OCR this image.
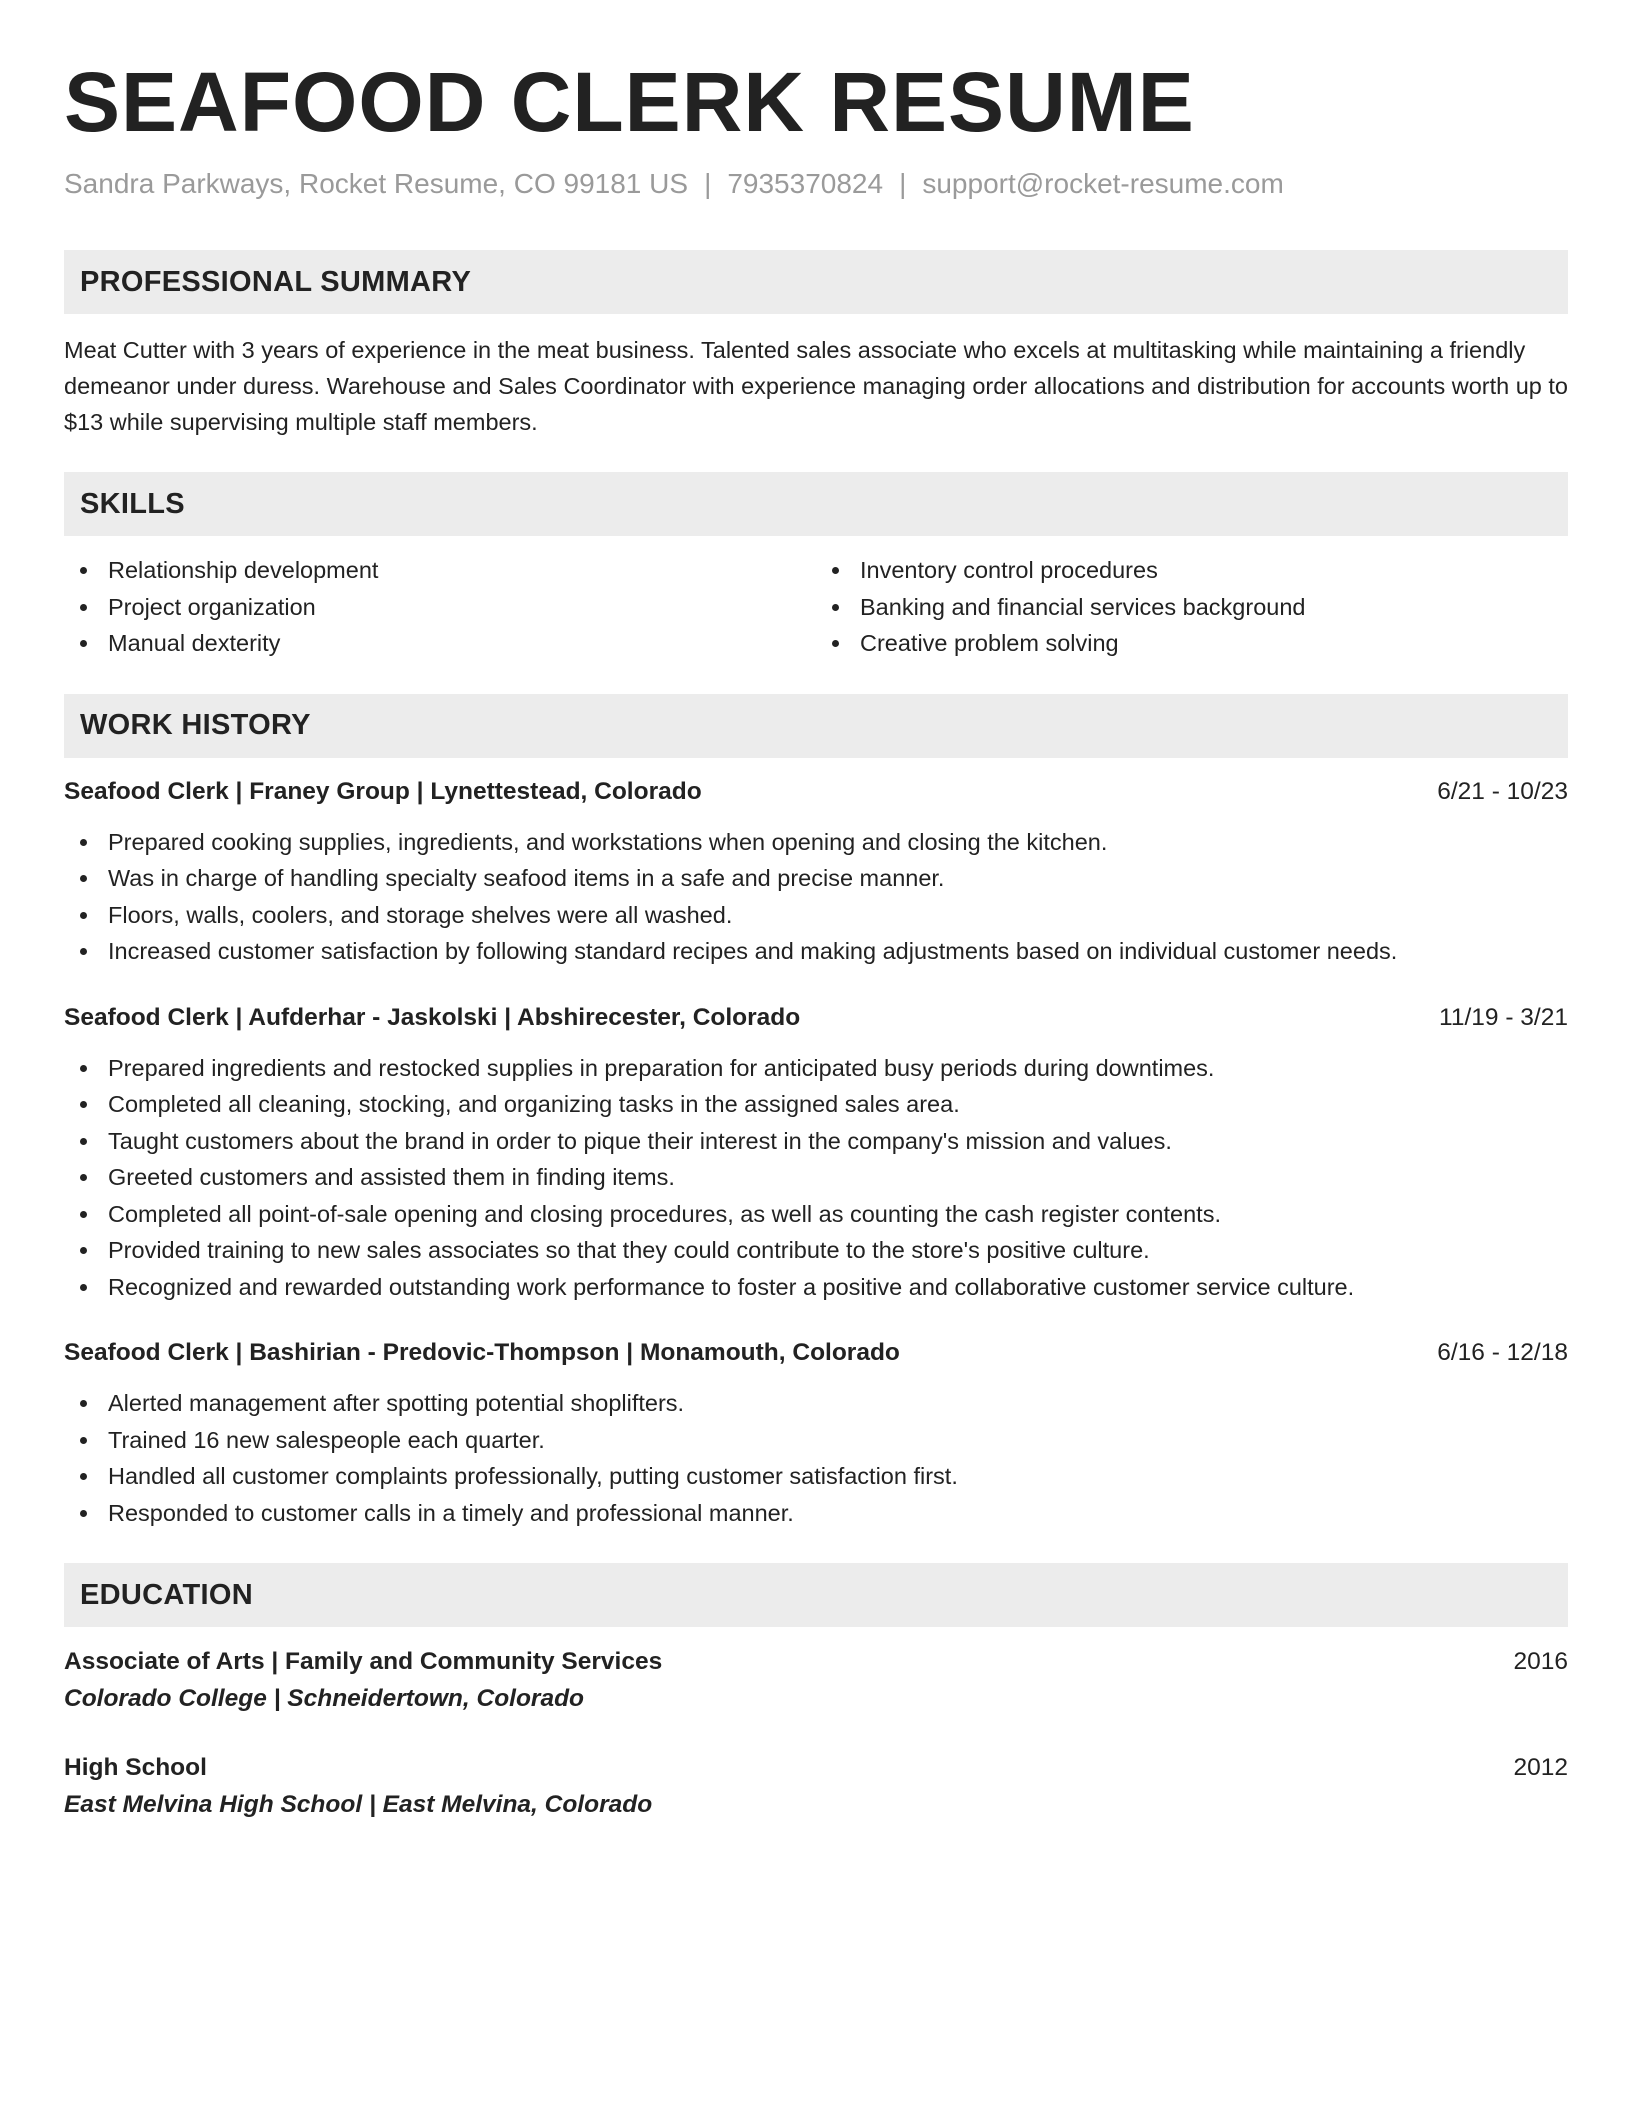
SEAFOOD CLERK RESUME
Sandra Parkways, Rocket Resume, CO 99181 US | 7935370824 | support@rocket-resume.com
PROFESSIONAL SUMMARY

Meat Cutter with 3 years of experience in the meat business. Talented sales associate who excels at multitasking while maintaining a friendly demeanor under duress. Warehouse and Sales Coordinator with experience managing order allocations and distribution for accounts worth up to $13 while supervising multiple staff members.

SKILLS
Relationship development
Project organization
Manual dexterity
Inventory control procedures
Banking and financial services background
Creative problem solving
WORK HISTORY
Seafood Clerk | Franey Group | Lynettestead, Colorado	6/21 - 10/23
Prepared cooking supplies, ingredients, and workstations when opening and closing the kitchen.
Was in charge of handling specialty seafood items in a safe and precise manner.
Floors, walls, coolers, and storage shelves were all washed.
Increased customer satisfaction by following standard recipes and making adjustments based on individual customer needs.
Seafood Clerk | Aufderhar - Jaskolski | Abshirecester, Colorado	11/19 - 3/21
Prepared ingredients and restocked supplies in preparation for anticipated busy periods during downtimes.
Completed all cleaning, stocking, and organizing tasks in the assigned sales area.
Taught customers about the brand in order to pique their interest in the company's mission and values.
Greeted customers and assisted them in finding items.
Completed all point-of-sale opening and closing procedures, as well as counting the cash register contents.
Provided training to new sales associates so that they could contribute to the store's positive culture.
Recognized and rewarded outstanding work performance to foster a positive and collaborative customer service culture.
Seafood Clerk | Bashirian - Predovic-Thompson | Monamouth, Colorado	6/16 - 12/18
Alerted management after spotting potential shoplifters.
Trained 16 new salespeople each quarter.
Handled all customer complaints professionally, putting customer satisfaction first.
Responded to customer calls in a timely and professional manner.
EDUCATION
Associate of Arts | Family and Community Services	2016
Colorado College | Schneidertown, Colorado
High School	2012
East Melvina High School | East Melvina, Colorado
